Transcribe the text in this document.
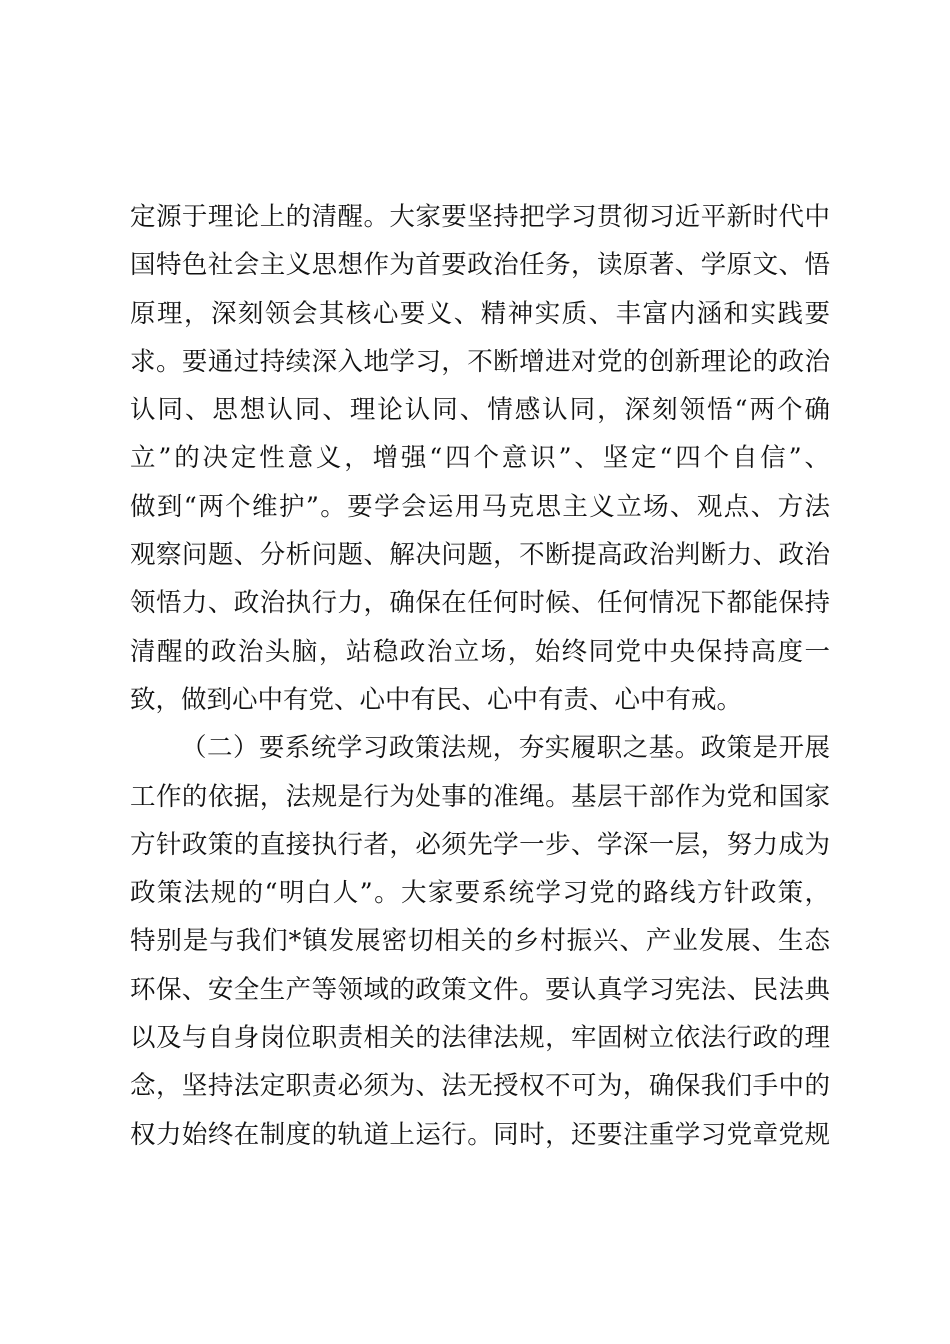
定源于理论上的清醒。大家要坚持把学习贯彻习近平新时代中
国特色社会主义思想作为首要政治任务，读原著、学原文、悟
原理，深刻领会其核心要义、精神实质、丰富内涵和实践要
求。要通过持续深入地学习，不断增进对党的创新理论的政治
认同、思想认同、理论认同、情感认同，深刻领悟“两个确
立”的决定性意义，增强“四个意识”、坚定“四个自信”、
做到“两个维护”。要学会运用马克思主义立场、观点、方法
观察问题、分析问题、解决问题，不断提高政治判断力、政治
领悟力、政治执行力，确保在任何时候、任何情况下都能保持
清醒的政治头脑，站稳政治立场，始终同党中央保持高度一
致，做到心中有党、心中有民、心中有责、心中有戒。
（二）要系统学习政策法规，夯实履职之基。政策是开展
工作的依据，法规是行为处事的准绳。基层干部作为党和国家
方针政策的直接执行者，必须先学一步、学深一层，努力成为
政策法规的“明白人”。大家要系统学习党的路线方针政策，
特别是与我们*镇发展密切相关的乡村振兴、产业发展、生态
环保、安全生产等领域的政策文件。要认真学习宪法、民法典
以及与自身岗位职责相关的法律法规，牢固树立依法行政的理
念，坚持法定职责必须为、法无授权不可为，确保我们手中的
权力始终在制度的轨道上运行。同时，还要注重学习党章党规
